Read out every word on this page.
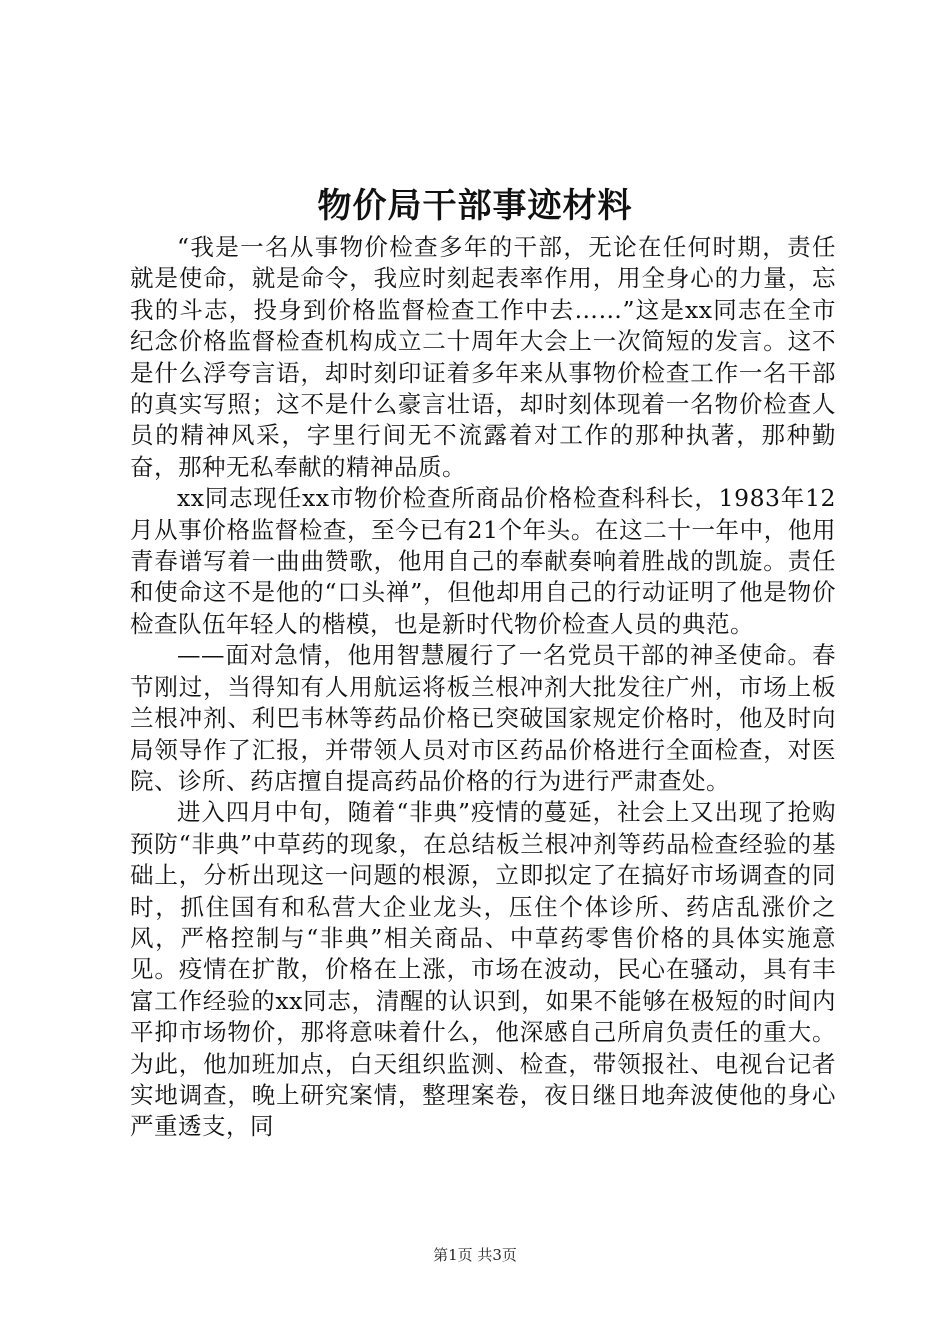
物价局干部事迹材料

“我是一名从事物价检查多年的干部，无论在任何时期，责任就是使命，就是命令，我应时刻起表率作用，用全身心的力量，忘我的斗志，投身到价格监督检查工作中去……”这是xx同志在全市纪念价格监督检查机构成立二十周年大会上一次简短的发言。这不是什么浮夸言语，却时刻印证着多年来从事物价检查工作一名干部的真实写照；这不是什么豪言壮语，却时刻体现着一名物价检查人员的精神风采，字里行间无不流露着对工作的那种执著，那种勤奋，那种无私奉献的精神品质。

xx同志现任xx市物价检查所商品价格检查科科长，1983年12月从事价格监督检查，至今已有21个年头。在这二十一年中，他用青春谱写着一曲曲赞歌，他用自己的奉献奏响着胜战的凯旋。责任和使命这不是他的“口头禅”，但他却用自己的行动证明了他是物价检查队伍年轻人的楷模，也是新时代物价检查人员的典范。

——面对急情，他用智慧履行了一名党员干部的神圣使命。春节刚过，当得知有人用航运将板兰根冲剂大批发往广州，市场上板兰根冲剂、利巴韦林等药品价格已突破国家规定价格时，他及时向局领导作了汇报，并带领人员对市区药品价格进行全面检查，对医院、诊所、药店擅自提高药品价格的行为进行严肃查处。

进入四月中旬，随着“非典”疫情的蔓延，社会上又出现了抢购预防“非典”中草药的现象，在总结板兰根冲剂等药品检查经验的基础上，分析出现这一问题的根源，立即拟定了在搞好市场调查的同时，抓住国有和私营大企业龙头，压住个体诊所、药店乱涨价之风，严格控制与“非典”相关商品、中草药零售价格的具体实施意见。疫情在扩散，价格在上涨，市场在波动，民心在骚动，具有丰富工作经验的xx同志，清醒的认识到，如果不能够在极短的时间内平抑市场物价，那将意味着什么，他深感自己所肩负责任的重大。为此，他加班加点，白天组织监测、检查，带领报社、电视台记者实地调查，晚上研究案情，整理案卷，夜日继日地奔波使他的身心严重透支，同

第1页 共3页
